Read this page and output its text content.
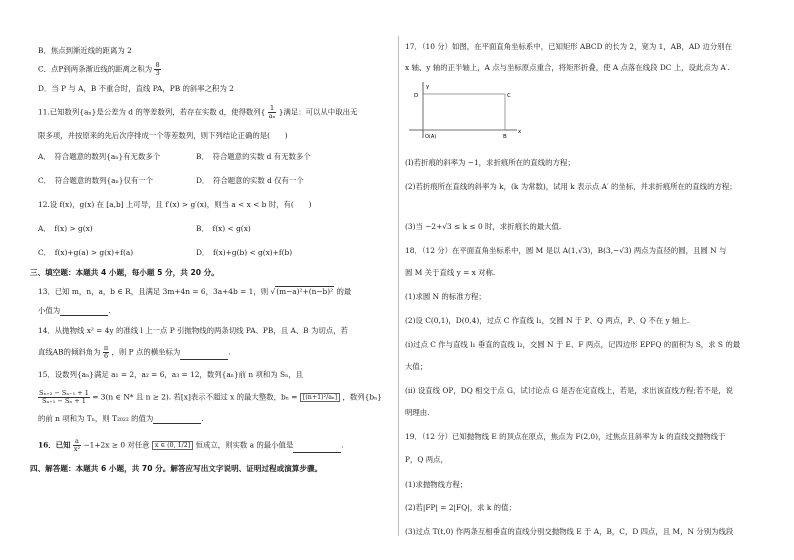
B．焦点到渐近线的距离为 2
C．点P到两条渐近线的距离之积为 $\frac{8}{3}$
D．当 P 与 A，B 不重合时，直线 PA，PB 的斜率之积为 2
11.已知数列{aₙ}是公差为 d 的等差数列，若存在实数 d，使得数列{ $\frac{1}{\text{aₙ}}$ }满足：可以从中取出无
限多项，并按原来的先后次序排成一个等差数列，则下列结论正确的是(　　)
A．　符合题意的数列{aₙ}有无数多个	B．　符合题意的实数 d 有无数多个
C．　符合题意的数列{aₙ}仅有一个	D．　符合题意的实数 d 仅有一个
12.设 f(x)，g(x) 在 [a,b] 上可导，且 f′(x) > g′(x)，则当 a < x < b 时，有(　　)
A．　f(x) > g(x)	B．　f(x) < g(x)
C．　f(x)+g(a) > g(x)+f(a)	D．　f(x)+g(b) < g(x)+f(b)
三、填空题：本题共 4 小题，每小题 5 分，共 20 分。
13．已知 m，n，a，b ∈ R，且满足 3m+4n = 6，3a+4b = 1，则 √(m−a)²+(n−b)² 的最
小值为	.
14．从抛物线 x² = 4y 的准线 l 上一点 P 引抛物线的两条切线 PA、PB，且 A、B 为切点，若
直线AB的倾斜角为 $\frac{\pi}{6}$ ，则 P 点的横坐标为	.
15．设数列{aₙ}满足 a₁ = 2，a₂ = 6，a₃ = 12，数列{aₙ}前 n 项和为 Sₙ，且
$\frac{\text{Sₙ₊₂ − Sₙ₋₁ + 1}}{\text{Sₙ₊₁ − Sₙ + 1}} = 3(n$ ∈ N* 且 n ≥ 2). 若[x]表示不超过 x 的最大整数，bₙ = [(n+1)²/aₙ] ，数列{bₙ}
的前 n 项和为 Tₙ，则 T₂₀₂₂ 的值为	.
16．已知 $\frac{a}{\text{x²}} -1+2x \ge 0$ 对任意 x ∈ (0, 1/2] 恒成立，则实数 a 的最小值是	.
四、解答题：本题共 6 小题，共 70 分。解答应写出文字说明、证明过程或演算步骤。
17．（10 分）如图，在平面直角坐标系中，已知矩形 ABCD 的长为 2，宽为 1，AB，AD 边分别在
x 轴、y 轴的正半轴上，A 点与坐标原点重合，将矩形折叠，使 A 点落在线段 DC 上，设此点为 A′.
y
x
D	C
O(A)	B
(I)若折痕的斜率为 −1，求折痕所在的直线的方程；
(2)若折痕所在直线的斜率为 k，(k 为常数)，试用 k 表示点 A′ 的坐标，并求折痕所在的直线的方程；
(3)当 −2+√3 ≤ k ≤ 0 时，求折痕长的最大值.
18．（12 分）在平面直角坐标系中，圆 M 是以 A(1,√3)，B(3,−√3) 两点为直径的圆，且圆 N 与
圆 M 关于直线 y = x 对称.
(1)求圆 N 的标准方程；
(2)设 C(0,1)，D(0,4)，过点 C 作直线 l₁，交圆 N 于 P、Q 两点，P、Q 不在 y 轴上.
(i)过点 C 作与直线 l₁ 垂直的直线 l₂，交圆 N 于 E、F 两点，记四边形 EPFQ 的面积为 S，求 S 的最
大值；
(ii) 设直线 OP，DQ 相交于点 G，试讨论点 G 是否在定直线上，若是，求出该直线方程;若不是，说
明理由.
19．（12 分）已知抛物线 E 的顶点在原点，焦点为 F(2,0)，过焦点且斜率为 k 的直线交抛物线于
P，Q 两点，
(1)求抛物线方程；
(2)若|FP| = 2|FQ|，求 k 的值；
(3)过点 T(t,0) 作两条互相垂直的直线分别交抛物线 E 于 A，B，C，D 四点，且 M，N 分别为线段
